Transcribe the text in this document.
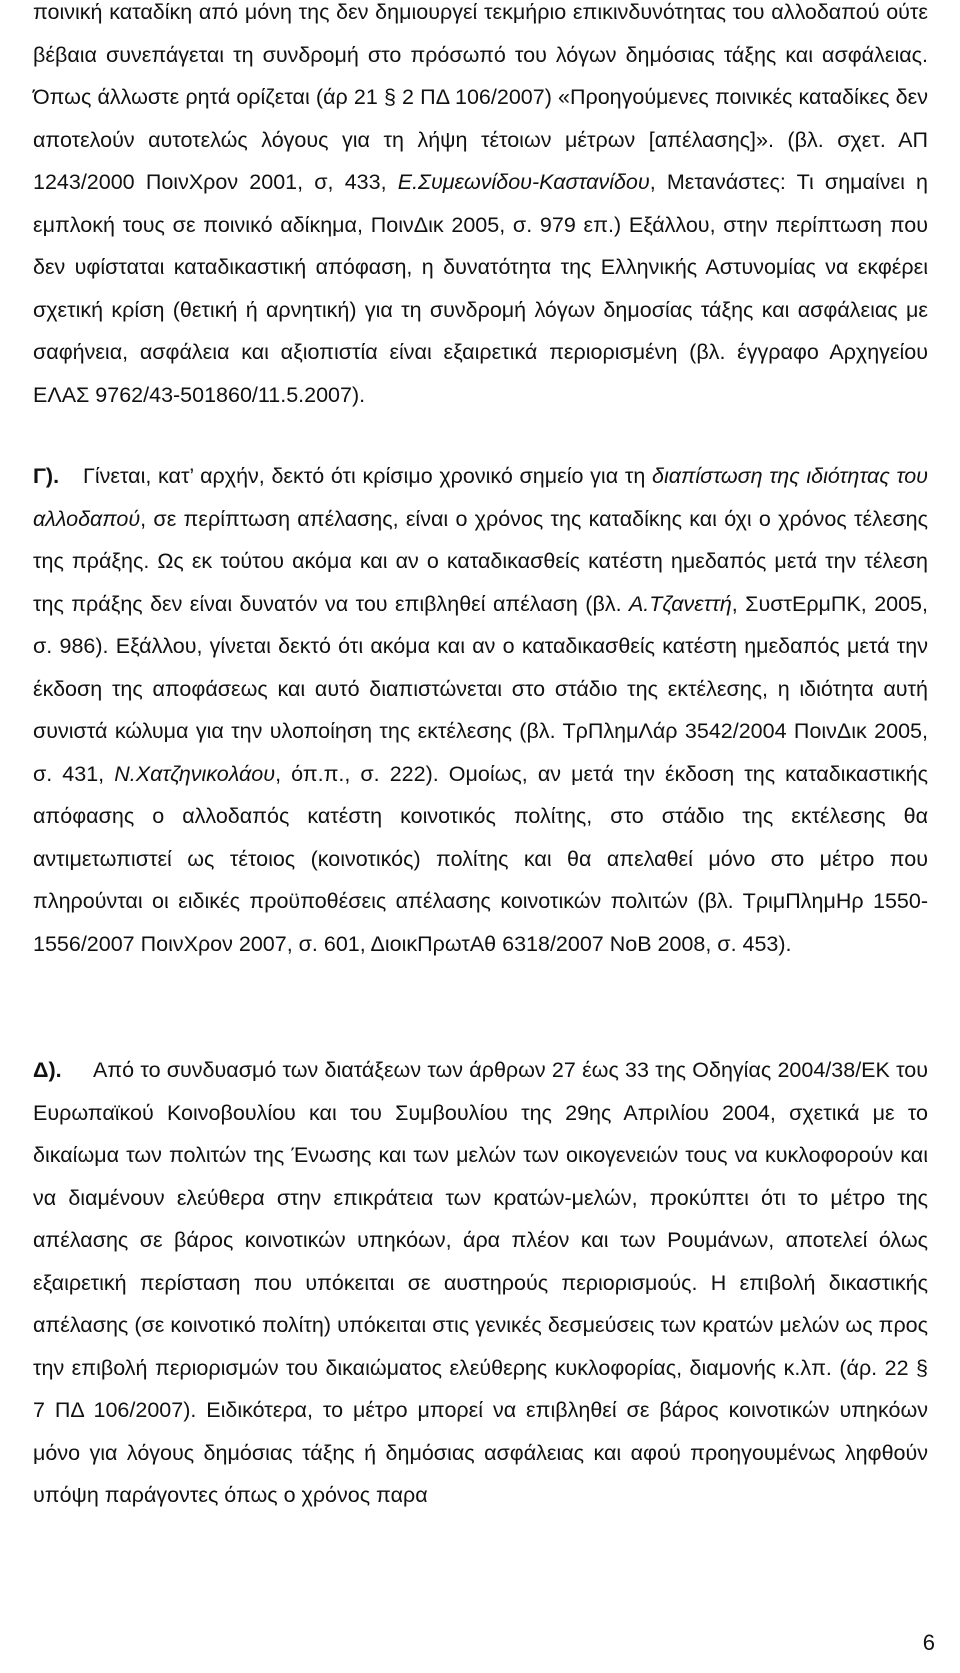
ποινική καταδίκη από μόνη της δεν δημιουργεί τεκμήριο επικινδυνότητας του αλλοδαπού ούτε βέβαια συνεπάγεται τη συνδρομή στο πρόσωπό του λόγων δημόσιας τάξης και ασφάλειας. Όπως άλλωστε ρητά ορίζεται (άρ 21 § 2 ΠΔ 106/2007) «Προηγούμενες ποινικές καταδίκες δεν αποτελούν αυτοτελώς λόγους για τη λήψη τέτοιων μέτρων [απέλασης]». (βλ. σχετ. ΑΠ 1243/2000 ΠοινΧρον 2001, σ, 433, Ε.Συμεωνίδου-Καστανίδου, Μετανάστες: Τι σημαίνει η εμπλοκή τους σε ποινικό αδίκημα, ΠοινΔικ 2005, σ. 979 επ.) Εξάλλου, στην περίπτωση που δεν υφίσταται καταδικαστική απόφαση, η δυνατότητα της Ελληνικής Αστυνομίας να εκφέρει σχετική κρίση (θετική ή αρνητική) για τη συνδρομή λόγων δημοσίας τάξης και ασφάλειας με σαφήνεια, ασφάλεια και αξιοπιστία είναι εξαιρετικά περιορισμένη (βλ. έγγραφο Αρχηγείου ΕΛΑΣ 9762/43-501860/11.5.2007).

Γ). Γίνεται, κατ’ αρχήν, δεκτό ότι κρίσιμο χρονικό σημείο για τη διαπίστωση της ιδιότητας του αλλοδαπού, σε περίπτωση απέλασης, είναι ο χρόνος της καταδίκης και όχι ο χρόνος τέλεσης της πράξης. Ως εκ τούτου ακόμα και αν ο καταδικασθείς κατέστη ημεδαπός μετά την τέλεση της πράξης δεν είναι δυνατόν να του επιβληθεί απέλαση (βλ. Α.Τζανεττή, ΣυστΕρμΠΚ, 2005, σ. 986). Εξάλλου, γίνεται δεκτό ότι ακόμα και αν ο καταδικασθείς κατέστη ημεδαπός μετά την έκδοση της αποφάσεως και αυτό διαπιστώνεται στο στάδιο της εκτέλεσης, η ιδιότητα αυτή συνιστά κώλυμα για την υλοποίηση της εκτέλεσης (βλ. ΤρΠλημΛάρ 3542/2004 ΠοινΔικ 2005, σ. 431, Ν.Χατζηνικολάου, όπ.π., σ. 222). Ομοίως, αν μετά την έκδοση της καταδικαστικής απόφασης ο αλλοδαπός κατέστη κοινοτικός πολίτης, στο στάδιο της εκτέλεσης θα αντιμετωπιστεί ως τέτοιος (κοινοτικός) πολίτης και θα απελαθεί μόνο στο μέτρο που πληρούνται οι ειδικές προϋποθέσεις απέλασης κοινοτικών πολιτών (βλ. ΤριμΠλημΗρ 1550-1556/2007 ΠοινΧρον 2007, σ. 601, ΔιοικΠρωτΑθ 6318/2007 ΝοΒ 2008, σ. 453).

Δ). Από το συνδυασμό των διατάξεων των άρθρων 27 έως 33 της Οδηγίας 2004/38/ΕΚ του Ευρωπαϊκού Κοινοβουλίου και του Συμβουλίου της 29ης Απριλίου 2004, σχετικά με το δικαίωμα των πολιτών της Ένωσης και των μελών των οικογενειών τους να κυκλοφορούν και να διαμένουν ελεύθερα στην επικράτεια των κρατών-μελών, προκύπτει ότι το μέτρο της απέλασης σε βάρος κοινοτικών υπηκόων, άρα πλέον και των Ρουμάνων, αποτελεί όλως εξαιρετική περίσταση που υπόκειται σε αυστηρούς περιορισμούς. Η επιβολή δικαστικής απέλασης (σε κοινοτικό πολίτη) υπόκειται στις γενικές δεσμεύσεις των κρατών μελών ως προς την επιβολή περιορισμών του δικαιώματος ελεύθερης κυκλοφορίας, διαμονής κ.λπ. (άρ. 22 § 7 ΠΔ 106/2007). Ειδικότερα, το μέτρο μπορεί να επιβληθεί σε βάρος κοινοτικών υπηκόων μόνο για λόγους δημόσιας τάξης ή δημόσιας ασφάλειας και αφού προηγουμένως ληφθούν υπόψη παράγοντες όπως ο χρόνος παρα

6
